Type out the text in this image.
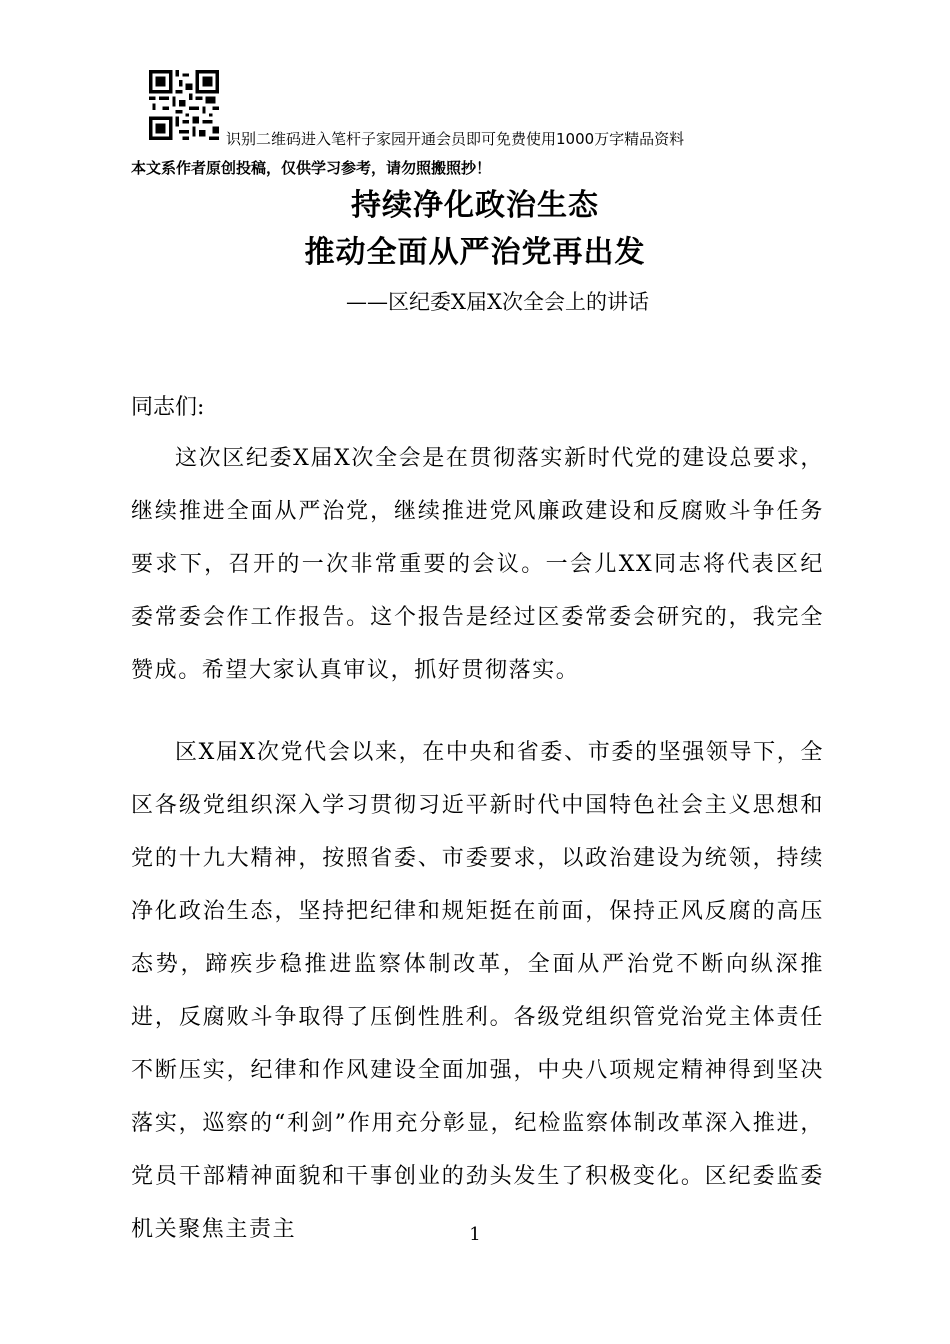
识别二维码进入笔杆子家园开通会员即可免费使用1000万字精品资料
本文系作者原创投稿，仅供学习参考，请勿照搬照抄！
持续净化政治生态
推动全面从严治党再出发
——区纪委X届X次全会上的讲话
同志们:

这次区纪委X届X次全会是在贯彻落实新时代党的建设总要求，继续推进全面从严治党，继续推进党风廉政建设和反腐败斗争任务要求下，召开的一次非常重要的会议。一会儿XX同志将代表区纪委常委会作工作报告。这个报告是经过区委常委会研究的，我完全赞成。希望大家认真审议，抓好贯彻落实。

区X届X次党代会以来，在中央和省委、市委的坚强领导下，全区各级党组织深入学习贯彻习近平新时代中国特色社会主义思想和党的十九大精神，按照省委、市委要求，以政治建设为统领，持续净化政治生态，坚持把纪律和规矩挺在前面，保持正风反腐的高压态势，蹄疾步稳推进监察体制改革，全面从严治党不断向纵深推进，反腐败斗争取得了压倒性胜利。各级党组织管党治党主体责任不断压实，纪律和作风建设全面加强，中央八项规定精神得到坚决落实，巡察的“利剑”作用充分彰显，纪检监察体制改革深入推进，党员干部精神面貌和干事创业的劲头发生了积极变化。区纪委监委机关聚焦主责主	1
